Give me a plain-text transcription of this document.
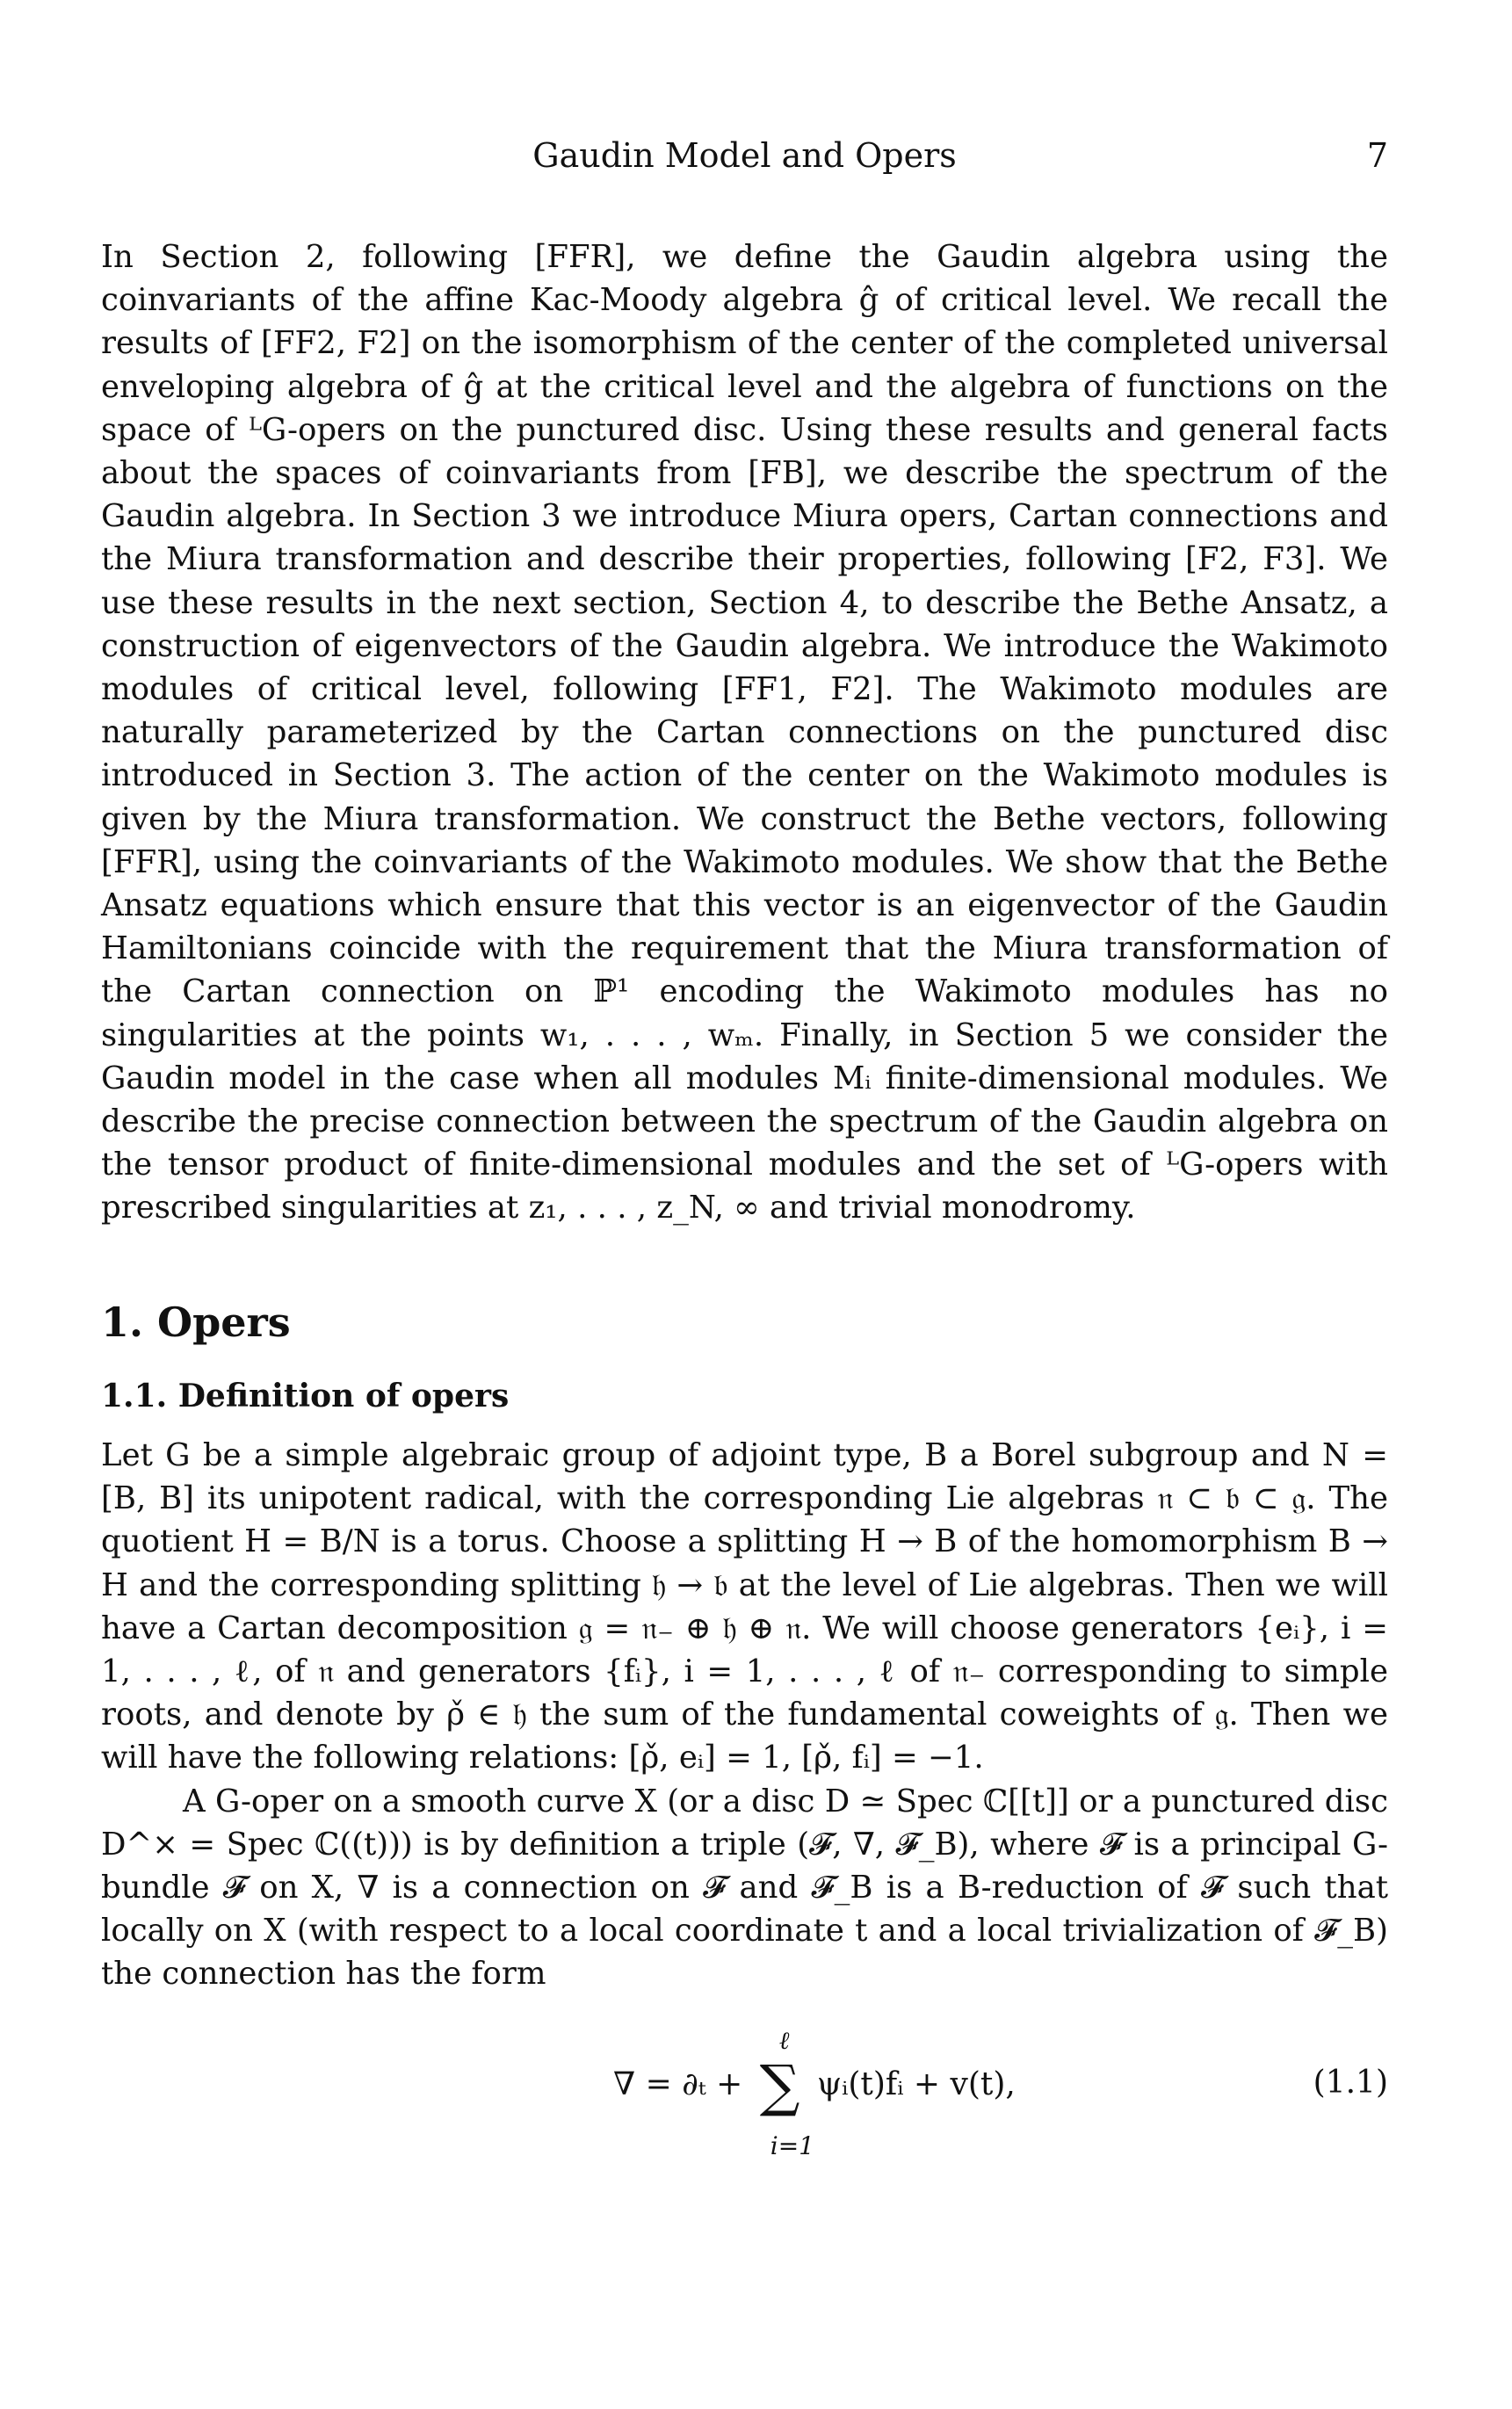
Gaudin Model and Opers	7
In Section 2, following [FFR], we define the Gaudin algebra using the coinvariants of the affine Kac-Moody algebra ĝ of critical level. We recall the results of [FF2, F2] on the isomorphism of the center of the completed universal enveloping algebra of ĝ at the critical level and the algebra of functions on the space of ᴸG-opers on the punctured disc. Using these results and general facts about the spaces of coinvariants from [FB], we describe the spectrum of the Gaudin algebra. In Section 3 we introduce Miura opers, Cartan connections and the Miura transformation and describe their properties, following [F2, F3]. We use these results in the next section, Section 4, to describe the Bethe Ansatz, a construction of eigenvectors of the Gaudin algebra. We introduce the Wakimoto modules of critical level, following [FF1, F2]. The Wakimoto modules are naturally parameterized by the Cartan connections on the punctured disc introduced in Section 3. The action of the center on the Wakimoto modules is given by the Miura transformation. We construct the Bethe vectors, following [FFR], using the coinvariants of the Wakimoto modules. We show that the Bethe Ansatz equations which ensure that this vector is an eigenvector of the Gaudin Hamiltonians coincide with the requirement that the Miura transformation of the Cartan connection on ℙ¹ encoding the Wakimoto modules has no singularities at the points w₁, . . . , wₘ. Finally, in Section 5 we consider the Gaudin model in the case when all modules Mᵢ finite-dimensional modules. We describe the precise connection between the spectrum of the Gaudin algebra on the tensor product of finite-dimensional modules and the set of ᴸG-opers with prescribed singularities at z₁, . . . , z_N, ∞ and trivial monodromy.
1. Opers
1.1. Definition of opers

Let G be a simple algebraic group of adjoint type, B a Borel subgroup and N = [B, B] its unipotent radical, with the corresponding Lie algebras 𝔫 ⊂ 𝔟 ⊂ 𝔤. The quotient H = B/N is a torus. Choose a splitting H → B of the homomorphism B → H and the corresponding splitting 𝔥 → 𝔟 at the level of Lie algebras. Then we will have a Cartan decomposition 𝔤 = 𝔫₋ ⊕ 𝔥 ⊕ 𝔫. We will choose generators {eᵢ}, i = 1, . . . , ℓ, of 𝔫 and generators {fᵢ}, i = 1, . . . , ℓ of 𝔫₋ corresponding to simple roots, and denote by ρ̌ ∈ 𝔥 the sum of the fundamental coweights of 𝔤. Then we will have the following relations: [ρ̌, eᵢ] = 1, [ρ̌, fᵢ] = −1.

A G-oper on a smooth curve X (or a disc D ≃ Spec ℂ[[t]] or a punctured disc D^× = Spec ℂ((t))) is by definition a triple (𝓕, ∇, 𝓕_B), where 𝓕 is a principal G-bundle 𝓕 on X, ∇ is a connection on 𝓕 and 𝓕_B is a B-reduction of 𝓕 such that locally on X (with respect to a local coordinate t and a local trivialization of 𝓕_B) the connection has the form

∇ = ∂ₜ +
ℓ
∑
i=1
ψᵢ(t)fᵢ + v(t),	(1.1)
